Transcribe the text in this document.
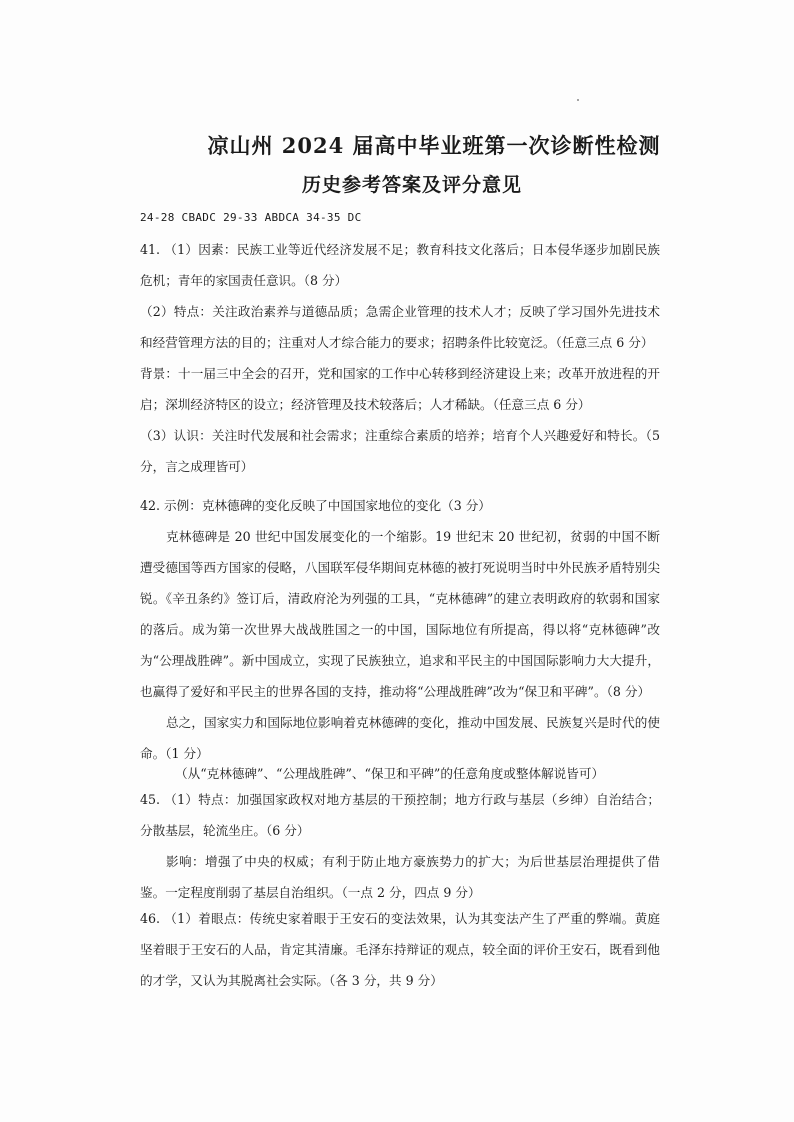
凉山州 2024 届高中毕业班第一次诊断性检测
历史参考答案及评分意见
24-28 CBADC 29-33 ABDCA 34-35 DC

41. （1）因素：民族工业等近代经济发展不足；教育科技文化落后；日本侵华逐步加剧民族危机；青年的家国责任意识。（8 分）

（2）特点：关注政治素养与道德品质；急需企业管理的技术人才；反映了学习国外先进技术和经营管理方法的目的；注重对人才综合能力的要求；招聘条件比较宽泛。（任意三点 6 分）

背景：十一届三中全会的召开，党和国家的工作中心转移到经济建设上来；改革开放进程的开启；深圳经济特区的设立；经济管理及技术较落后；人才稀缺。（任意三点 6 分）

（3）认识：关注时代发展和社会需求；注重综合素质的培养；培育个人兴趣爱好和特长。（5 分，言之成理皆可）

42. 示例：克林德碑的变化反映了中国国家地位的变化（3 分）

克林德碑是 20 世纪中国发展变化的一个缩影。19 世纪末 20 世纪初，贫弱的中国不断遭受德国等西方国家的侵略，八国联军侵华期间克林德的被打死说明当时中外民族矛盾特别尖锐。《辛丑条约》签订后，清政府沦为列强的工具，“克林德碑”的建立表明政府的软弱和国家的落后。成为第一次世界大战战胜国之一的中国，国际地位有所提高，得以将“克林德碑”改为“公理战胜碑”。新中国成立，实现了民族独立，追求和平民主的中国国际影响力大大提升，也赢得了爱好和平民主的世界各国的支持，推动将“公理战胜碑”改为“保卫和平碑”。（8 分）

总之，国家实力和国际地位影响着克林德碑的变化，推动中国发展、民族复兴是时代的使命。（1 分）

（从“克林德碑”、“公理战胜碑”、“保卫和平碑”的任意角度或整体解说皆可）

45. （1）特点：加强国家政权对地方基层的干预控制；地方行政与基层（乡绅）自治结合；分散基层，轮流坐庄。（6 分）

影响：增强了中央的权威；有利于防止地方豪族势力的扩大；为后世基层治理提供了借鉴。一定程度削弱了基层自治组织。（一点 2 分，四点 9 分）

46. （1）着眼点：传统史家着眼于王安石的变法效果，认为其变法产生了严重的弊端。黄庭坚着眼于王安石的人品，肯定其清廉。毛泽东持辩证的观点，较全面的评价王安石，既看到他的才学，又认为其脱离社会实际。（各 3 分，共 9 分）
